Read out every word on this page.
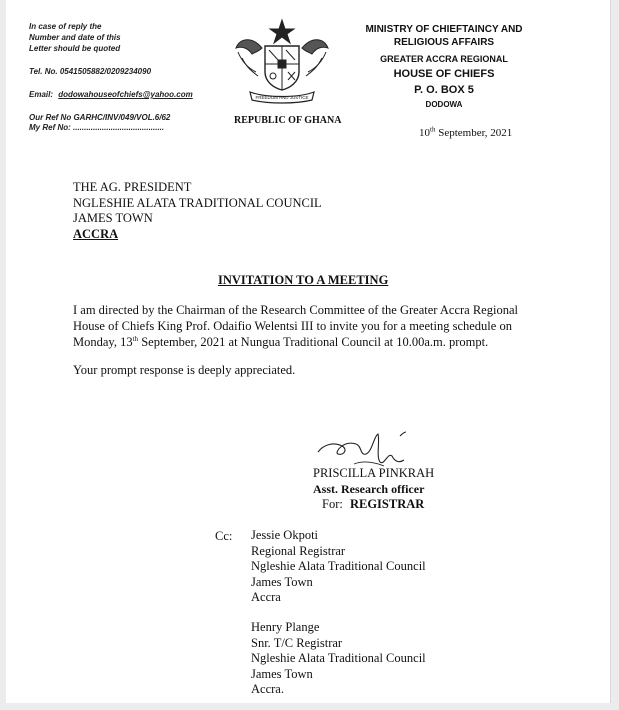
In case of reply the
Number and date of this
Letter should be quoted
Tel. No. 0541505882/0209234090
Email: dodowahouseofchiefs@yahoo.com
Our Ref No GARHC/INV/049/VOL.6/62
My Ref No: .........................................
FREEDOM AND JUSTICE
REPUBLIC OF GHANA
MINISTRY OF CHIEFTAINCY AND
RELIGIOUS AFFAIRS
GREATER ACCRA REGIONAL
HOUSE OF CHIEFS
P. O. BOX 5
DODOWA
10th September, 2021
THE AG. PRESIDENT
NGLESHIE ALATA TRADITIONAL COUNCIL
JAMES TOWN
ACCRA
INVITATION TO A MEETING
I am directed by the Chairman of the Research Committee of the Greater Accra Regional
House of Chiefs King Prof. Odaifio Welentsi III to invite you for a meeting schedule on
Monday, 13th September, 2021 at Nungua Traditional Council at 10.00a.m. prompt.
Your prompt response is deeply appreciated.
PRISCILLA PINKRAH
Asst. Research officer
For: REGISTRAR
Cc: Jessie Okpoti
Regional Registrar
Ngleshie Alata Traditional Council
James Town
Accra
Henry Plange
Snr. T/C Registrar
Ngleshie Alata Traditional Council
James Town
Accra.
